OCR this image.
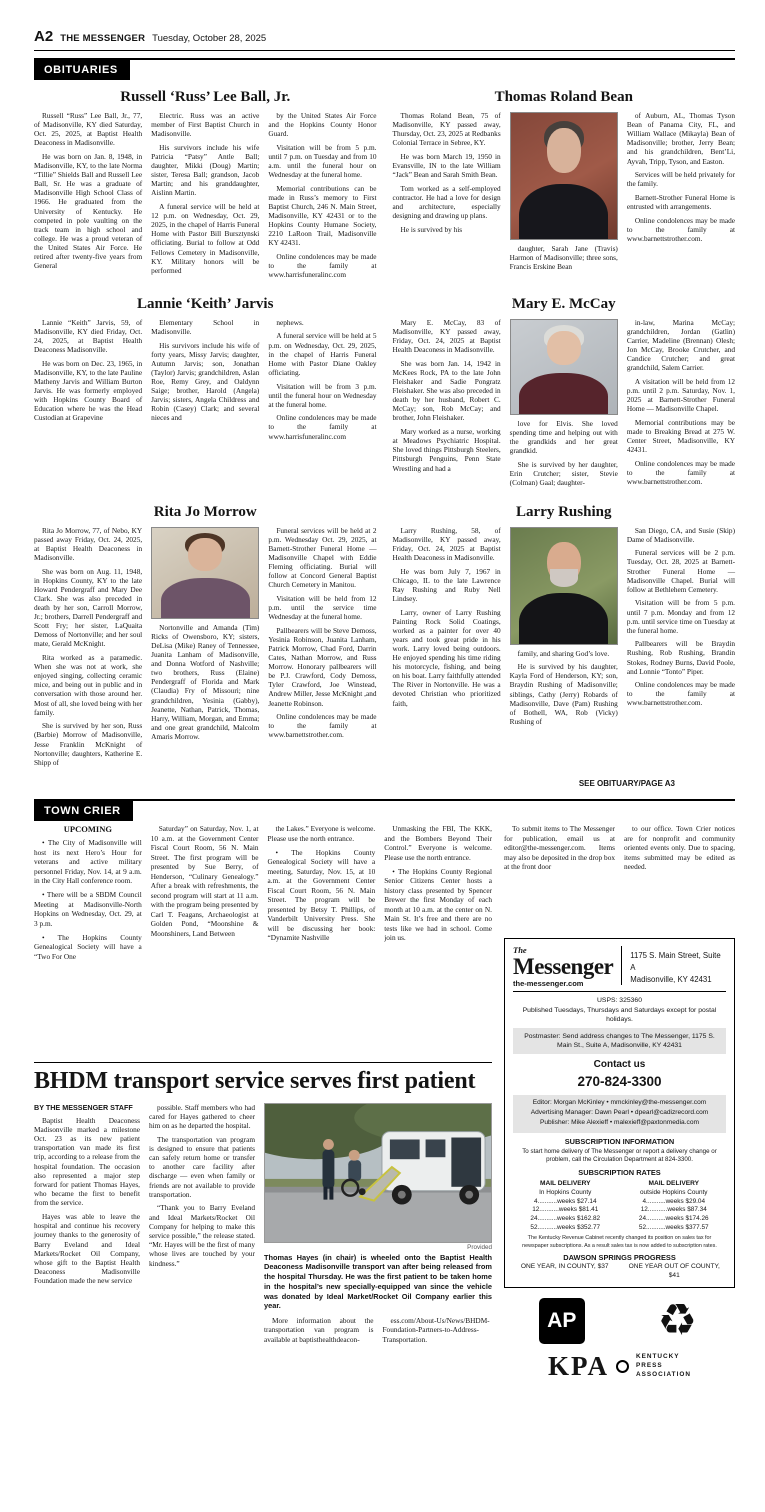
A2 THE MESSENGER Tuesday, October 28, 2025
OBITUARIES
Russell ‘Russ’ Lee Ball, Jr.

Russell “Russ” Lee Ball, Jr., 77, of Madisonville, KY died Saturday, Oct. 25, 2025, at Baptist Health Deaconess in Madisonville.

He was born on Jan. 8, 1948, in Madisonville, KY, to the late Norma “Tillie” Shields Ball and Russell Lee Ball, Sr. He was a graduate of Madisonville High School Class of 1966. He graduated from the University of Kentucky. He competed in pole vaulting on the track team in high school and college. He was a proud veteran of the United States Air Force. He retired after twenty-five years from General

Electric. Russ was an active member of First Baptist Church in Madisonville.

His survivors include his wife Patricia “Patsy” Antle Ball; daughter, Mikki (Doug) Martin; sister, Teresa Ball; grandson, Jacob Martin; and his granddaughter, Aislinn Martin.

A funeral service will be held at 12 p.m. on Wednesday, Oct. 29, 2025, in the chapel of Harris Funeral Home with Pastor Bill Bursztynski officiating. Burial to follow at Odd Fellows Cemetery in Madisonville, KY. Military honors will be performed

by the United States Air Force and the Hopkins County Honor Guard.

Visitation will be from 5 p.m. until 7 p.m. on Tuesday and from 10 a.m. until the funeral hour on Wednesday at the funeral home.

Memorial contributions can be made in Russ’s memory to First Baptist Church, 246 N. Main Street, Madisonville, KY 42431 or to the Hopkins County Humane Society, 2210 LaRoon Trail, Madisonville KY 42431.

Online condolences may be made to the family at www.harrisfuneralinc.com

Thomas Roland Bean

Thomas Roland Bean, 75 of Madisonville, KY passed away, Thursday, Oct. 23, 2025 at Redbanks Colonial Terrace in Sebree, KY.

He was born March 19, 1950 in Evansville, IN to the late William “Jack” Bean and Sarah Smith Bean.

Tom worked as a self-employed contractor. He had a love for design and architecture, especially designing and drawing up plans.

He is survived by his

daughter, Sarah Jane (Travis) Harmon of Madisonville; three sons, Francis Erskine Bean

of Auburn, AL, Thomas Tyson Bean of Panama City, FL, and William Wallace (Mikayla) Bean of Madisonville; brother, Jerry Bean; and his grandchildren, Bent’Li, Ayvah, Tripp, Tyson, and Easton.

Services will be held privately for the family.

Barnett-Strother Funeral Home is entrusted with arrangements.

Online condolences may be made to the family at www.barnettstrother.com.

Lannie ‘Keith’ Jarvis

Lannie “Keith” Jarvis, 59, of Madisonville, KY died Friday, Oct. 24, 2025, at Baptist Health Deaconess Madisonville.

He was born on Dec. 23, 1965, in Madisonville, KY, to the late Pauline Matheny Jarvis and William Burton Jarvis. He was formerly employed with Hopkins County Board of Education where he was the Head Custodian at Grapevine

Elementary School in Madisonville.

His survivors include his wife of forty years, Missy Jarvis; daughter, Autumn Jarvis; son, Jonathan (Taylor) Jarvis; grandchildren, Aslan Roe, Remy Grey, and Oaldynn Saige; brother, Harold (Angela) Jarvis; sisters, Angela Childress and Robin (Casey) Clark; and several nieces and

nephews.

A funeral service will be held at 5 p.m. on Wednesday, Oct. 29, 2025, in the chapel of Harris Funeral Home with Pastor Diane Oakley officiating.

Visitation will be from 3 p.m. until the funeral hour on Wednesday at the funeral home.

Online condolences may be made to the family at www.harrisfuneralinc.com

Mary E. McCay

Mary E. McCay, 83 of Madisonville, KY passed away, Friday, Oct. 24, 2025 at Baptist Health Deaconess in Madisonville.

She was born Jan. 14, 1942 in McKees Rock, PA to the late John Fleishaker and Sadie Pongratz Fleishaker. She was also preceded in death by her husband, Robert C. McCay; son, Rob McCay; and brother, John Fleishaker.

Mary worked as a nurse, working at Meadows Psychiatric Hospital. She loved things Pittsburgh Steelers, Pittsburgh Penguins, Penn State Wrestling and had a

love for Elvis. She loved spending time and helping out with the grandkids and her great grandkid.

She is survived by her daughter, Erin Crutcher; sister, Stevie (Colman) Gaal; daughter-

in-law, Marina McCay; grandchildren, Jordan (Gatlin) Carrier, Madeline (Brennan) Olesh; Jon McCay, Brooke Crutcher, and Candice Crutcher; and great grandchild, Salem Carrier.

A visitation will be held from 12 p.m. until 2 p.m. Saturday, Nov. 1, 2025 at Barnett-Strother Funeral Home — Madisonville Chapel.

Memorial contributions may be made to Breaking Bread at 275 W. Center Street, Madisonville, KY 42431.

Online condolences may be made to the family at www.barnettstrother.com.

Rita Jo Morrow

Rita Jo Morrow, 77, of Nebo, KY passed away Friday, Oct. 24, 2025, at Baptist Health Deaconess in Madisonville.

She was born on Aug. 11, 1948, in Hopkins County, KY to the late Howard Pendergraff and Mary Dee Clark. She was also preceded in death by her son, Carroll Morrow, Jr.; brothers, Darrell Pendergraff and Scott Fry; her sister, LaQuaita Demoss of Nortonville; and her soul mate, Gerald McKnight.

Rita worked as a paramedic. When she was not at work, she enjoyed singing, collecting ceramic mice, and being out in public and in conversation with those around her. Most of all, she loved being with her family.

She is survived by her son, Russ (Barbie) Morrow of Madisonville, Jesse Franklin McKnight of Nortonville; daughters, Katherine E. Shipp of

Nortonville and Amanda (Tim) Ricks of Owensboro, KY; sisters, DeLisa (Mike) Raney of Tennessee, Juanita Lanham of Madisonville, and Donna Wotford of Nashville; two brothers, Russ (Elaine) Pendergraff of Florida and Mark (Claudia) Fry of Missouri; nine grandchildren, Yesinia (Gabby), Jeanette, Nathan, Patrick, Thomas, Harry, William, Morgan, and Emma; and one great grandchild, Malcolm Amaris Morrow.

Funeral services will be held at 2 p.m. Wednesday Oct. 29, 2025, at Barnett-Strother Funeral Home — Madisonville Chapel with Eddie Fleming officiating. Burial will follow at Concord General Baptist Church Cemetery in Manitou.

Visitation will be held from 12 p.m. until the service time Wednesday at the funeral home.

Pallbearers will be Steve Demoss, Yesinia Robinson, Juanita Lanham, Patrick Morrow, Chad Ford, Darrin Cates, Nathan Morrow, and Russ Morrow. Honorary pallbearers will be P.J. Crawford, Cody Demoss, Tyler Crawford, Joe Winstead, Andrew Miller, Jesse McKnight ,and Jeanette Robinson.

Online condolences may be made to the family at www.barnettstrother.com.

Larry Rushing

Larry Rushing, 58, of Madisonville, KY passed away, Friday, Oct. 24, 2025 at Baptist Health Deaconess in Madisonville.

He was born July 7, 1967 in Chicago, IL to the late Lawrence Ray Rushing and Ruby Nell Lindsey.

Larry, owner of Larry Rushing Painting Rock Solid Coatings, worked as a painter for over 40 years and took great pride in his work. Larry loved being outdoors. He enjoyed spending his time riding his motorcycle, fishing, and being on his boat. Larry faithfully attended The River in Nortonville. He was a devoted Christian who prioritized faith,

family, and sharing God’s love.

He is survived by his daughter, Kayla Ford of Henderson, KY; son, Braydin Rushing of Madisonville; siblings, Cathy (Jerry) Robards of Madisonville, Dave (Pam) Rushing of Bothell, WA, Rob (Vicky) Rushing of

San Diego, CA, and Susie (Skip) Dame of Madisonville.

Funeral services will be 2 p.m. Tuesday, Oct. 28, 2025 at Barnett-Strother Funeral Home — Madisonville Chapel. Burial will follow at Bethlehem Cemetery.

Visitation will be from 5 p.m. until 7 p.m. Monday and from 12 p.m. until service time on Tuesday at the funeral home.

Pallbearers will be Braydin Rushing, Rob Rushing, Brandin Stokes, Rodney Burns, David Poole, and Lonnie “Tonto” Piper.

Online condolences may be made to the family at www.barnettstrother.com.

SEE OBITUARY/PAGE A3
TOWN CRIER
UPCOMING

• The City of Madisonville will host its next Hero’s Hour for veterans and active military personnel Friday, Nov. 14, at 9 a.m. in the City Hall conference room.

• There will be a SBDM Council Meeting at Madisonville-North Hopkins on Wednesday, Oct. 29, at 3 p.m.

• The Hopkins County Genealogical Society will have a “Two For One

Saturday” on Saturday, Nov. 1, at 10 a.m. at the Government Center Fiscal Court Room, 56 N. Main Street. The first program will be presented by Sue Berry, of Henderson, “Culinary Genealogy.” After a break with refreshments, the second program will start at 11 a.m. with the program being presented by Carl T. Feagans, Archaeologist at Golden Pond, “Moonshine & Moonshiners, Land Between

the Lakes.” Everyone is welcome. Please use the north entrance.

• The Hopkins County Genealogical Society will have a meeting, Saturday, Nov. 15, at 10 a.m. at the Government Center Fiscal Court Room, 56 N. Main Street. The program will be presented by Betsy T. Phillips, of Vanderbilt University Press. She will be discussing her book: “Dynamite Nashville

Unmasking the FBI, The KKK, and the Bombers Beyond Their Control.” Everyone is welcome. Please use the north entrance.

• The Hopkins County Regional Senior Citizens Center hosts a history class presented by Spencer Brewer the first Monday of each month at 10 a.m. at the center on N. Main St. It’s free and there are no tests like we had in school. Come join us.

BHDM transport service serves first patient
BY THE MESSENGER STAFF

Baptist Health Deaconess Madisonville marked a milestone Oct. 23 as its new patient transportation van made its first trip, according to a release from the hospital foundation. The occasion also represented a major step forward for patient Thomas Hayes, who became the first to benefit from the service.

Hayes was able to leave the hospital and continue his recovery journey thanks to the generosity of Barry Eveland and Ideal Markets/Rocket Oil Company, whose gift to the Baptist Health Deaconess Madisonville Foundation made the new service

possible. Staff members who had cared for Hayes gathered to cheer him on as he departed the hospital.

The transportation van program is designed to ensure that patients can safely return home or transfer to another care facility after discharge — even when family or friends are not available to provide transportation.

“Thank you to Barry Eveland and Ideal Markets/Rocket Oil Company for helping to make this service possible,” the release stated. “Mr. Hayes will be the first of many whose lives are touched by your kindness.”

Provided

Thomas Hayes (in chair) is wheeled onto the Baptist Health Deaconess Madisonville transport van after being released from the hospital Thursday. He was the first patient to be taken home in the hospital’s new specially-equipped van since the vehicle was donated by Ideal Market/Rocket Oil Company earlier this year.

More information about the transportation van program is available at baptisthealthdeacon-

ess.com/About-Us/News/BHDM-Foundation-Partners-to-Address-Transportation.

To submit items to The Messenger for publication, email us at editor@the-messenger.com. Items may also be deposited in the drop box at the front door

to our office. Town Crier notices are for nonprofit and community oriented events only. Due to spacing, items submitted may be edited as needed.

The
Messenger
the-messenger.com
1175 S. Main Street, Suite A
Madisonville, KY 42431
USPS: 325360
Published Tuesdays, Thursdays and Saturdays except for postal holidays.
Postmaster: Send address changes to The Messenger, 1175 S. Main St., Suite A, Madisonville, KY 42431
Contact us
270-824-3300

Editor: Morgan McKinley • mmckinley@the-messenger.com

Advertising Manager: Dawn Pearl • dpearl@cadizrecord.com

Publisher: Mike Alexieff • malexieff@paxtonmedia.com

SUBSCRIPTION INFORMATION
To start home delivery of The Messenger or report a delivery change or problem, call the Circulation Department at 824-3300.
SUBSCRIPTION RATES
MAIL DELIVERY
In Hopkins County

4...........weeks $27.14

12...........weeks $81.41

24...........weeks $162.82

52...........weeks $352.77

MAIL DELIVERY
outside Hopkins County

4...........weeks $29.04

12...........weeks $87.34

24...........weeks $174.26

52...........weeks $377.57

The Kentucky Revenue Cabinet recently changed its position on sales tax for newspaper subscriptions. As a result sales tax is now added to subscription rates.
DAWSON SPRINGS PROGRESS
ONE YEAR, IN COUNTY, $37	ONE YEAR OUT OF COUNTY, $41
AP ♻
KPA	KENTUCKY

PRESS

ASSOCIATION
